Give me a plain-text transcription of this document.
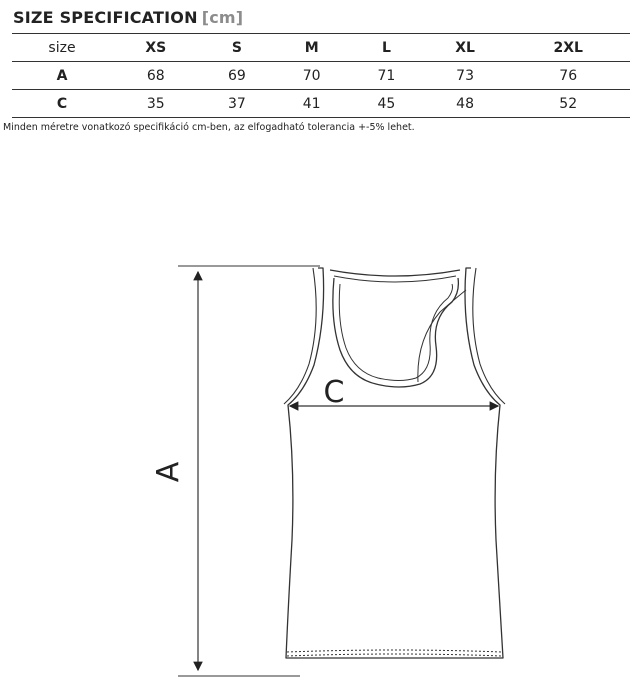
SIZE SPECIFICATION [cm]
size	XS	S	M	L	XL	2XL
A	68	69	70	71	73	76
C	35	37	41	45	48	52
Minden méretre vonatkozó specifikáció cm-ben, az elfogadható tolerancia +-5% lehet.
A
C
